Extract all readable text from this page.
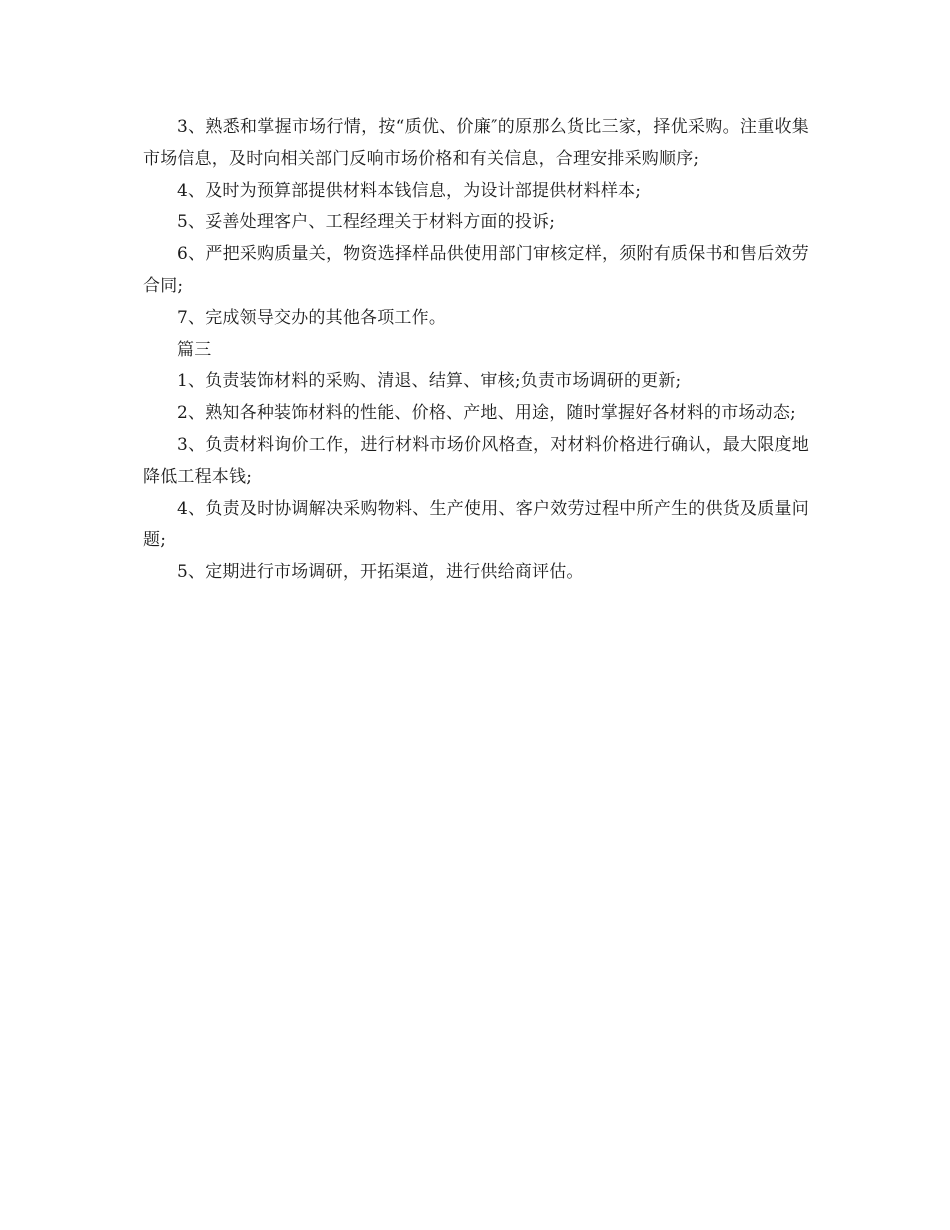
3、熟悉和掌握市场行情，按“质优、价廉″的原那么货比三家，择优采购。注重收集市场信息，及时向相关部门反响市场价格和有关信息，合理安排采购顺序;

4、及时为预算部提供材料本钱信息，为设计部提供材料样本;

5、妥善处理客户、工程经理关于材料方面的投诉;

6、严把采购质量关，物资选择样品供使用部门审核定样，须附有质保书和售后效劳合同;

7、完成领导交办的其他各项工作。

篇三

1、负责装饰材料的采购、清退、结算、审核;负责市场调研的更新;

2、熟知各种装饰材料的性能、价格、产地、用途，随时掌握好各材料的市场动态;

3、负责材料询价工作，进行材料市场价风格查，对材料价格进行确认，最大限度地降低工程本钱;

4、负责及时协调解决采购物料、生产使用、客户效劳过程中所产生的供货及质量问题;

5、定期进行市场调研，开拓渠道，进行供给商评估。
